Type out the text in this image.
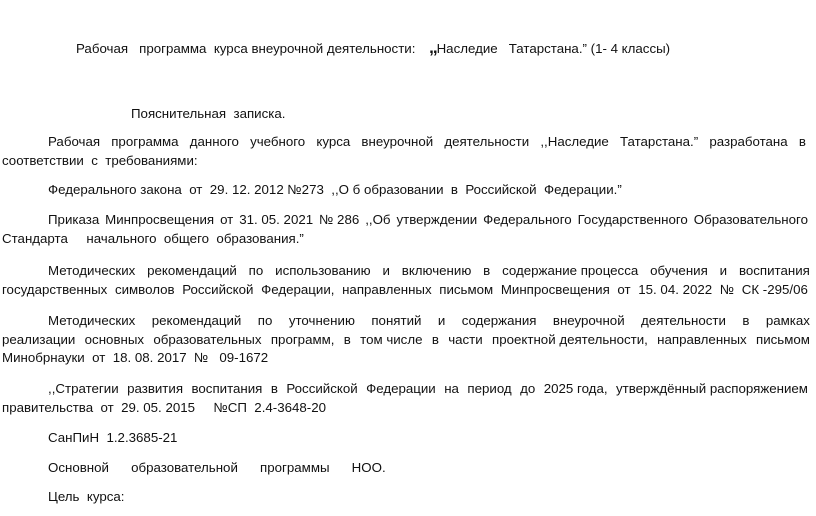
Рабочая   программа  курса внеурочной деятельности: ,,Наследие   Татарстана.” (1- 4 классы)
Пояснительная  записка.
Рабочая программа данного учебного курса внеурочной деятельности ,,Наследие Татарстана.” разработана в
соответствии  с  требованиями:
Федерального закона  от  29. 12. 2012 №273  ,,О б образовании  в  Российской  Федерации.”
Приказа Минпросвещения от 31. 05. 2021 № 286 ,,Об утверждении Федерального Государственного Образовательного
Стандарта     начального  общего  образования.”
Методических рекомендаций по использованию и включению в содержание процесса обучения и воспитания
государственных символов Российской Федерации, направленных письмом Минпросвещения от 15. 04. 2022 № СК -295/06
Методических рекомендаций по уточнению понятий и содержания внеурочной деятельности в рамках
реализации основных образовательных программ, в том числе в части проектной деятельности, направленных письмом
Минобрнауки  от  18. 08. 2017  №   09-1672
,,Стратегии развития воспитания в Российской Федерации на период до 2025 года, утверждённый распоряжением
правительства  от  29. 05. 2015     №СП  2.4-3648-20
СанПиН  1.2.3685-21
Основной      образовательной      программы      НОО.
Цель  курса:
